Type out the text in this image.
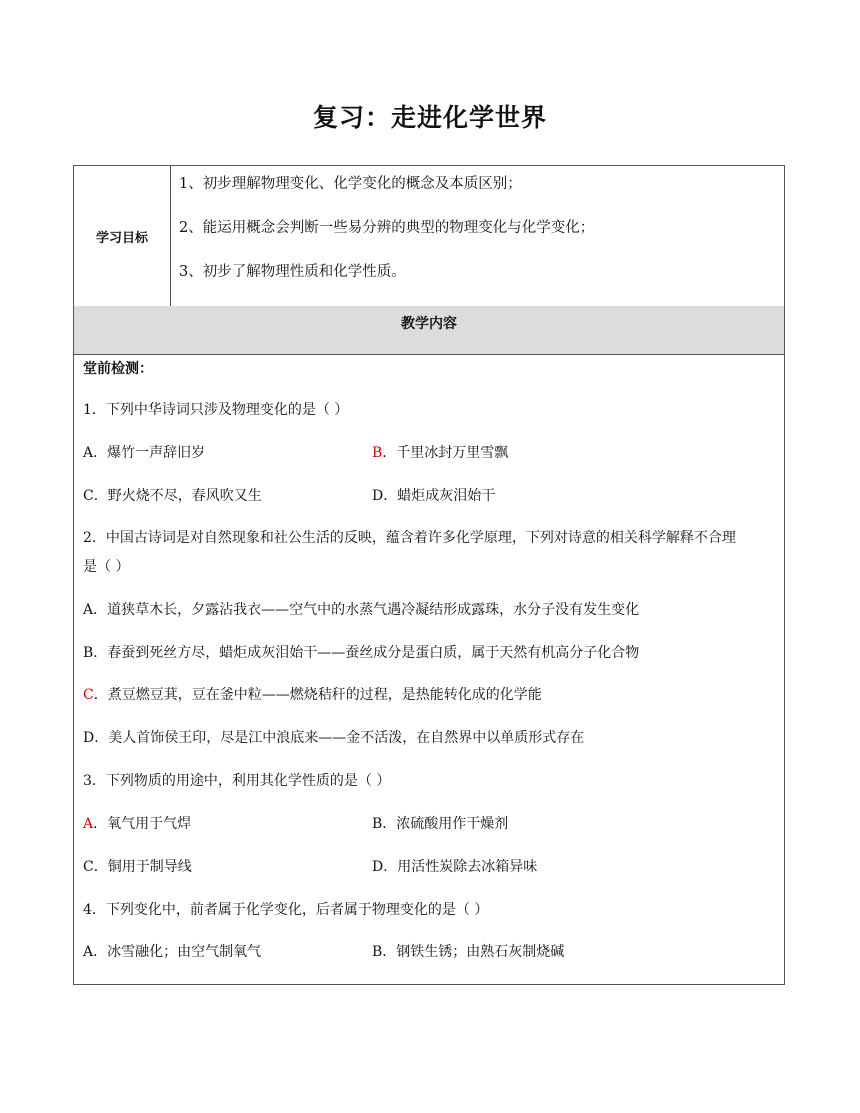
复习：走进化学世界
学习目标
1、初步理解物理变化、化学变化的概念及本质区别；
2、能运用概念会判断一些易分辨的典型的物理变化与化学变化；
3、初步了解物理性质和化学性质。
教学内容
堂前检测：
1．下列中华诗词只涉及物理变化的是（ ）
A．爆竹一声辞旧岁	B．千里冰封万里雪飘
C．野火烧不尽，春风吹又生	D．蜡炬成灰泪始干
2．中国古诗词是对自然现象和社公生活的反映，蕴含着许多化学原理，下列对诗意的相关科学解释不合理
是（ ）
A．道狭草木长，夕露沾我衣——空气中的水蒸气遇冷凝结形成露珠，水分子没有发生变化
B．春蚕到死丝方尽，蜡炬成灰泪始干——蚕丝成分是蛋白质，属于天然有机高分子化合物
C．煮豆燃豆萁，豆在釜中粒——燃烧秸秆的过程，是热能转化成的化学能
D．美人首饰侯王印，尽是江中浪底来——金不活泼，在自然界中以单质形式存在
3．下列物质的用途中，利用其化学性质的是（ ）
A．氧气用于气焊	B．浓硫酸用作干燥剂
C．铜用于制导线	D．用活性炭除去冰箱异味
4．下列变化中，前者属于化学变化，后者属于物理变化的是（ ）
A．冰雪融化；由空气制氧气	B．钢铁生锈；由熟石灰制烧碱
